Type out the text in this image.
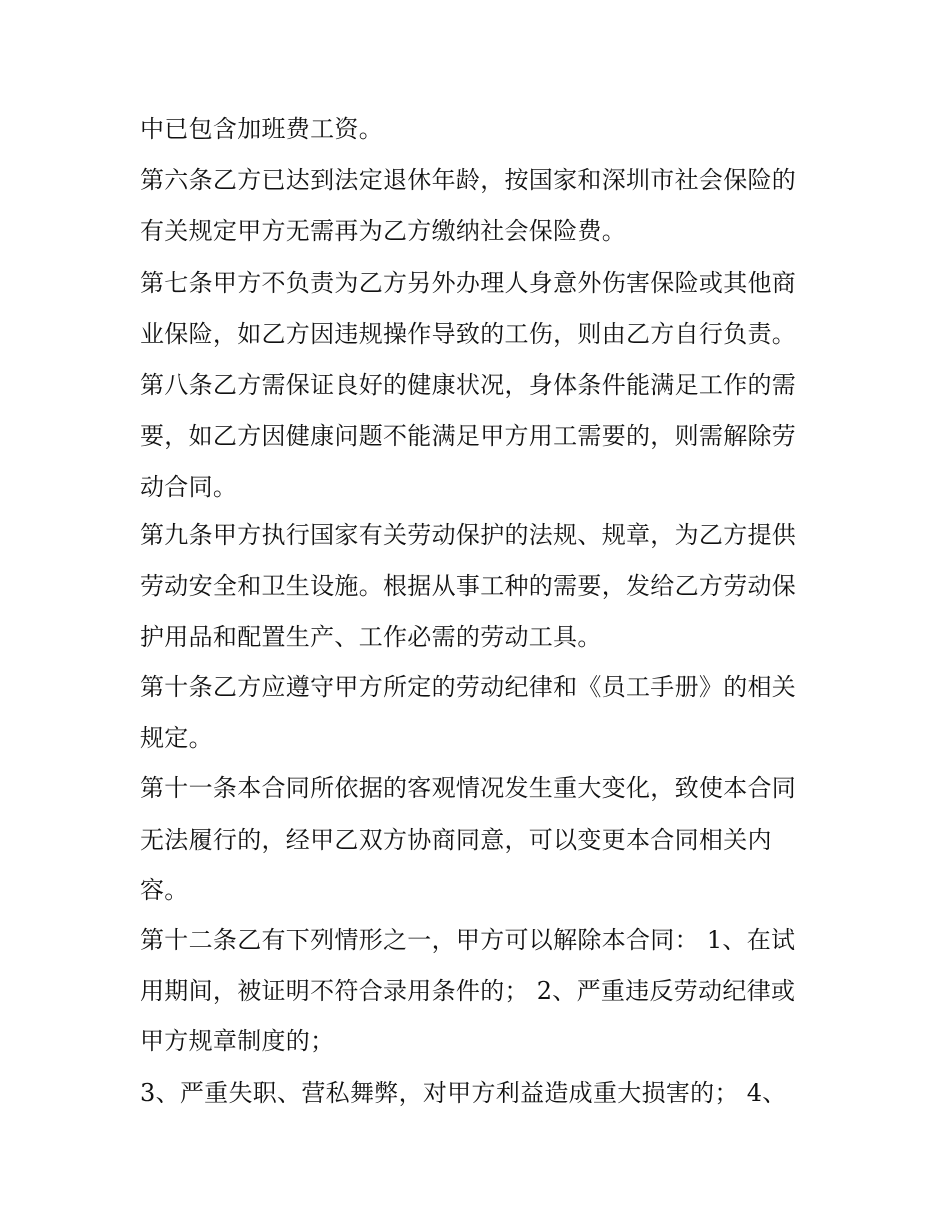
中已包含加班费工资。
第六条乙方已达到法定退休年龄，按国家和深圳市社会保险的
有关规定甲方无需再为乙方缴纳社会保险费。
第七条甲方不负责为乙方另外办理人身意外伤害保险或其他商
业保险，如乙方因违规操作导致的工伤，则由乙方自行负责。
第八条乙方需保证良好的健康状况，身体条件能满足工作的需
要，如乙方因健康问题不能满足甲方用工需要的，则需解除劳
动合同。
第九条甲方执行国家有关劳动保护的法规、规章，为乙方提供
劳动安全和卫生设施。根据从事工种的需要，发给乙方劳动保
护用品和配置生产、工作必需的劳动工具。
第十条乙方应遵守甲方所定的劳动纪律和《员工手册》的相关
规定。
第十一条本合同所依据的客观情况发生重大变化，致使本合同
无法履行的，经甲乙双方协商同意，可以变更本合同相关内
容。
第十二条乙有下列情形之一，甲方可以解除本合同： 1、在试
用期间，被证明不符合录用条件的； 2、严重违反劳动纪律或
甲方规章制度的；
3、严重失职、营私舞弊，对甲方利益造成重大损害的； 4、
